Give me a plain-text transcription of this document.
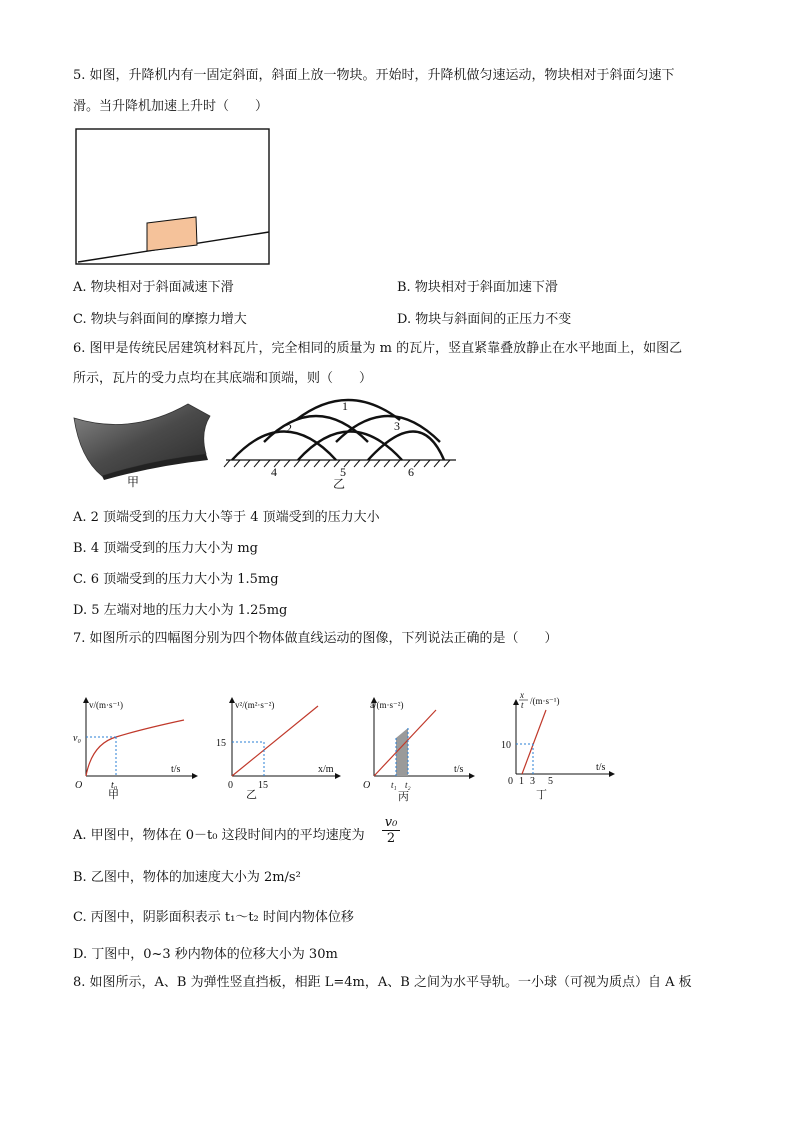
5. 如图，升降机内有一固定斜面，斜面上放一物块。开始时，升降机做匀速运动，物块相对于斜面匀速下
滑。当升降机加速上升时（　　）
A. 物块相对于斜面减速下滑	B. 物块相对于斜面加速下滑
C. 物块与斜面间的摩擦力增大	D. 物块与斜面间的正压力不变
6. 图甲是传统民居建筑材料瓦片，完全相同的质量为 m 的瓦片，竖直紧靠叠放静止在水平地面上，如图乙
所示，瓦片的受力点均在其底端和顶端，则（　　）
甲
1
2	3
4	5	6
乙
A. 2 顶端受到的压力大小等于 4 顶端受到的压力大小
B. 4 顶端受到的压力大小为 mg
C. 6 顶端受到的压力大小为 1.5mg
D. 5 左端对地的压力大小为 1.25mg
7. 如图所示的四幅图分别为四个物体做直线运动的图像，下列说法正确的是（　　）
v/(m·s⁻¹)
v₀
O	t₀
t/s
甲
v²/(m²·s⁻²)
15
0	15
x/m
乙
a/(m·s⁻²)
O t₁ t₂
t/s
丙
x
t /(m·s⁻¹)
10
0 1 3 5
t/s
丁
A. 甲图中，物体在 0－t₀ 这段时间内的平均速度为 $\frac{\text{v₀}}{2}$
B. 乙图中，物体的加速度大小为 2m/s²
C. 丙图中，阴影面积表示 t₁～t₂ 时间内物体位移
D. 丁图中，0~3 秒内物体的位移大小为 30m
8. 如图所示，A、B 为弹性竖直挡板，相距 L=4m，A、B 之间为水平导轨。一小球（可视为质点）自 A 板
